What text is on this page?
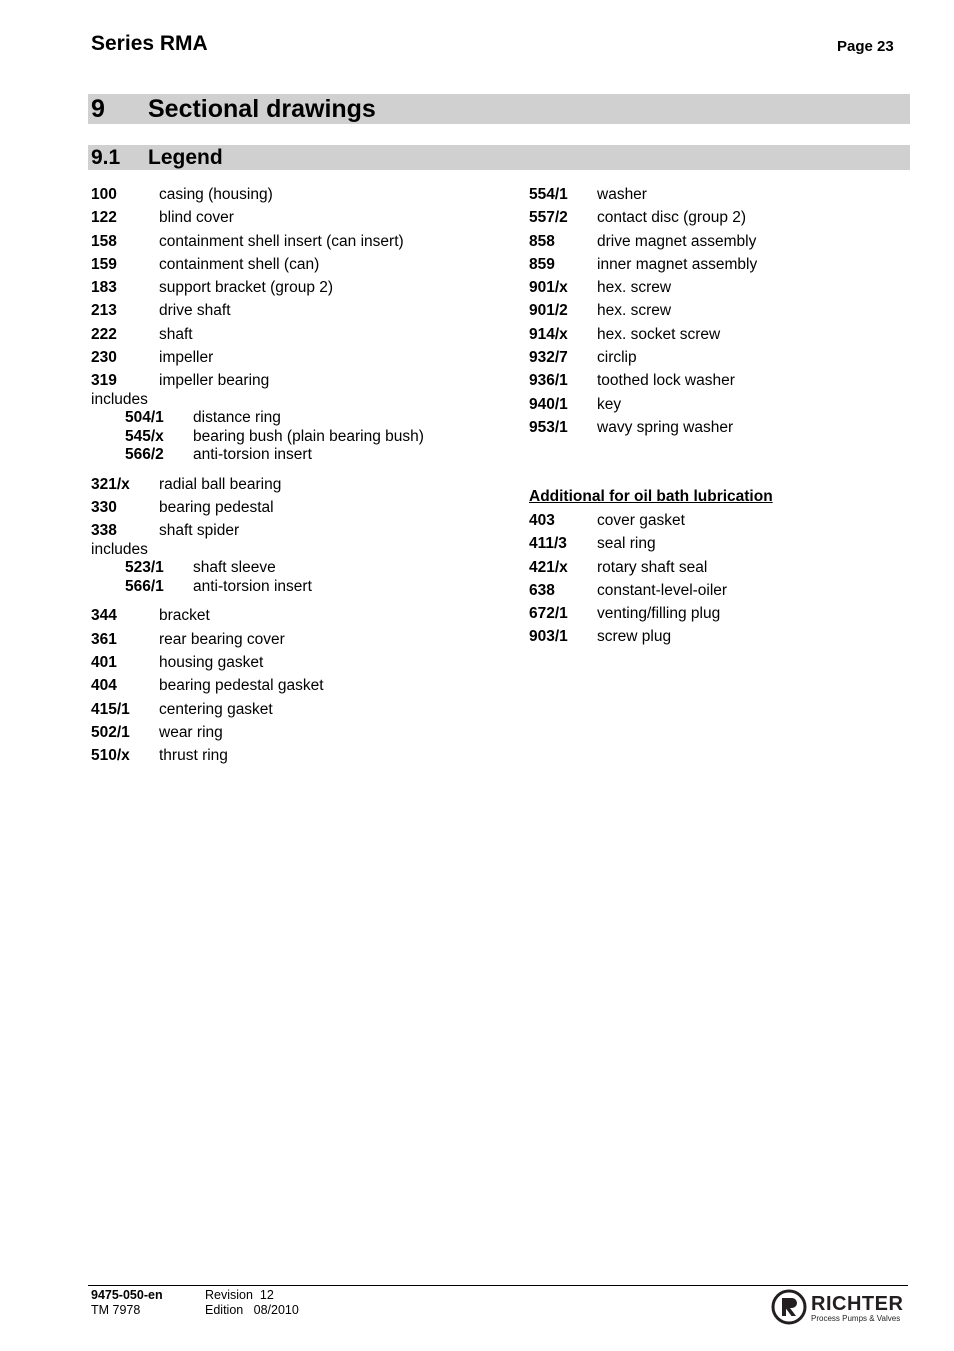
Series RMA	Page 23
9 Sectional drawings
9.1 Legend
100	casing (housing)
122	blind cover
158	containment shell insert (can insert)
159	containment shell (can)
183	support bracket (group 2)
213	drive shaft
222	shaft
230	impeller
319	impeller bearing
includes
504/1 distance ring
545/x bearing bush (plain bearing bush)
566/2 anti-torsion insert
321/x radial ball bearing
330	bearing pedestal
338	shaft spider
includes
523/1 shaft sleeve
566/1 anti-torsion insert
344	bracket
361	rear bearing cover
401	housing gasket
404	bearing pedestal gasket
415/1 centering gasket
502/1 wear ring
510/x thrust ring
554/1 washer
557/2 contact disc (group 2)
858	drive magnet assembly
859	inner magnet assembly
901/x hex. screw
901/2 hex. screw
914/x hex. socket screw
932/7 circlip
936/1 toothed lock washer
940/1 key
953/1 wavy spring washer
Additional for oil bath lubrication
403	cover gasket
411/3 seal ring
421/x rotary shaft seal
638	constant-level-oiler
672/1 venting/filling plug
903/1 screw plug
9475-050-en
TM 7978
Revision  12
Edition   08/2010	RICHTER
Process Pumps & Valves
